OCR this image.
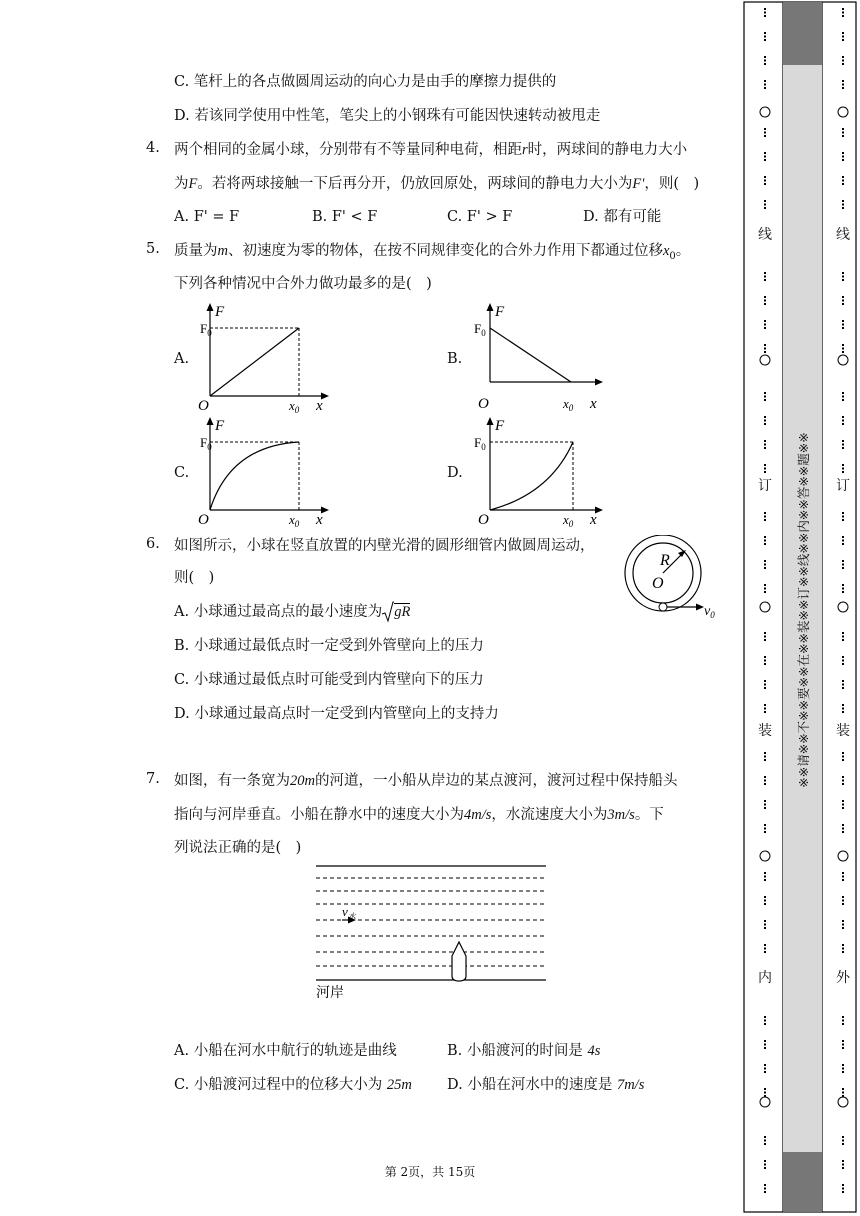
C. 笔杆上的各点做圆周运动的向心力是由手的摩擦力提供的
D. 若该同学使用中性笔，笔尖上的小钢珠有可能因快速转动被甩走
4. 两个相同的金属小球，分别带有不等量同种电荷，相距r时，两球间的静电力大小
为F。若将两球接触一下后再分开，仍放回原处，两球间的静电力大小为F'，则(　)
A. F' = F	B. F' < F	C. F' > F	D. 都有可能
5. 质量为m、初速度为零的物体，在按不同规律变化的合外力作用下都通过位移$x_0$。
下列各种情况中合外力做功最多的是(　)
A.	B.
C.	D.
F
$F_0$
O	$x_0$ x
F
$F_0$
O	$x_0$ x
F
$F_0$
O	$x_0$ x
F
$F_0$
O	$x_0$ x
6. 如图所示，小球在竖直放置的内壁光滑的圆形细管内做圆周运动，
则(　)
A. 小球通过最高点的最小速度为 gR
B. 小球通过最低点时一定受到外管壁向上的压力
C. 小球通过最低点时可能受到内管壁向下的压力
D. 小球通过最高点时一定受到内管壁向上的支持力
R
O
$v_0$
7. 如图，有一条宽为20m的河道，一小船从岸边的某点渡河，渡河过程中保持船头
指向与河岸垂直。小船在静水中的速度大小为4m/s，水流速度大小为3m/s。下
列说法正确的是(　)
$v_水$
河岸
A. 小船在河水中航行的轨迹是曲线	B. 小船渡河的时间是 4s
C. 小船渡河过程中的位移大小为 25m D. 小船在河水中的速度是 7m/s
第 2页，共 15页
线
订
装
内
线
订
装
外
※※请※※不※※要※※在※※装※※订※※线※※内※※答※※题※※
